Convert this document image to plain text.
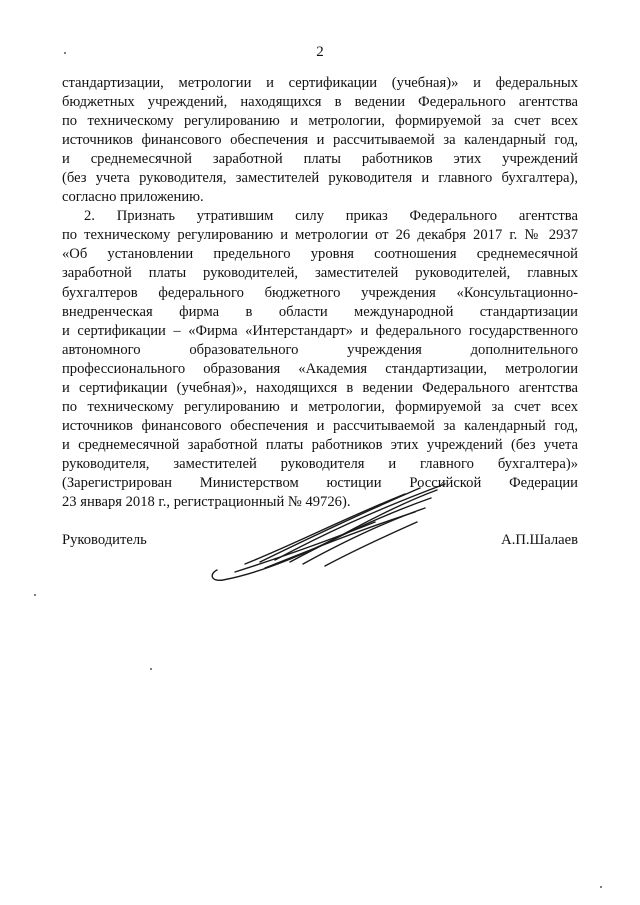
2
стандартизации, метрологии и сертификации (учебная)» и федеральных
бюджетных учреждений, находящихся в ведении Федерального агентства
по техническому регулированию и метрологии, формируемой за счет всех
источников финансового обеспечения и рассчитываемой за календарный год,
и среднемесячной заработной платы работников этих учреждений
(без учета руководителя, заместителей руководителя и главного бухгалтера),
согласно приложению.
2. Признать утратившим силу приказ Федерального агентства
по техническому регулированию и метрологии от 26 декабря 2017 г. № 2937
«Об установлении предельного уровня соотношения среднемесячной
заработной платы руководителей, заместителей руководителей, главных
бухгалтеров федерального бюджетного учреждения «Консультационно-
внедренческая фирма в области международной стандартизации
и сертификации – «Фирма «Интерстандарт» и федерального государственного
автономного образовательного учреждения дополнительного
профессионального образования «Академия стандартизации, метрологии
и сертификации (учебная)», находящихся в ведении Федерального агентства
по техническому регулированию и метрологии, формируемой за счет всех
источников финансового обеспечения и рассчитываемой за календарный год,
и среднемесячной заработной платы работников этих учреждений (без учета
руководителя, заместителей руководителя и главного бухгалтера)»
(Зарегистрирован Министерством юстиции Российской Федерации
23 января 2018 г., регистрационный № 49726).
Руководитель	А.П.Шалаев
